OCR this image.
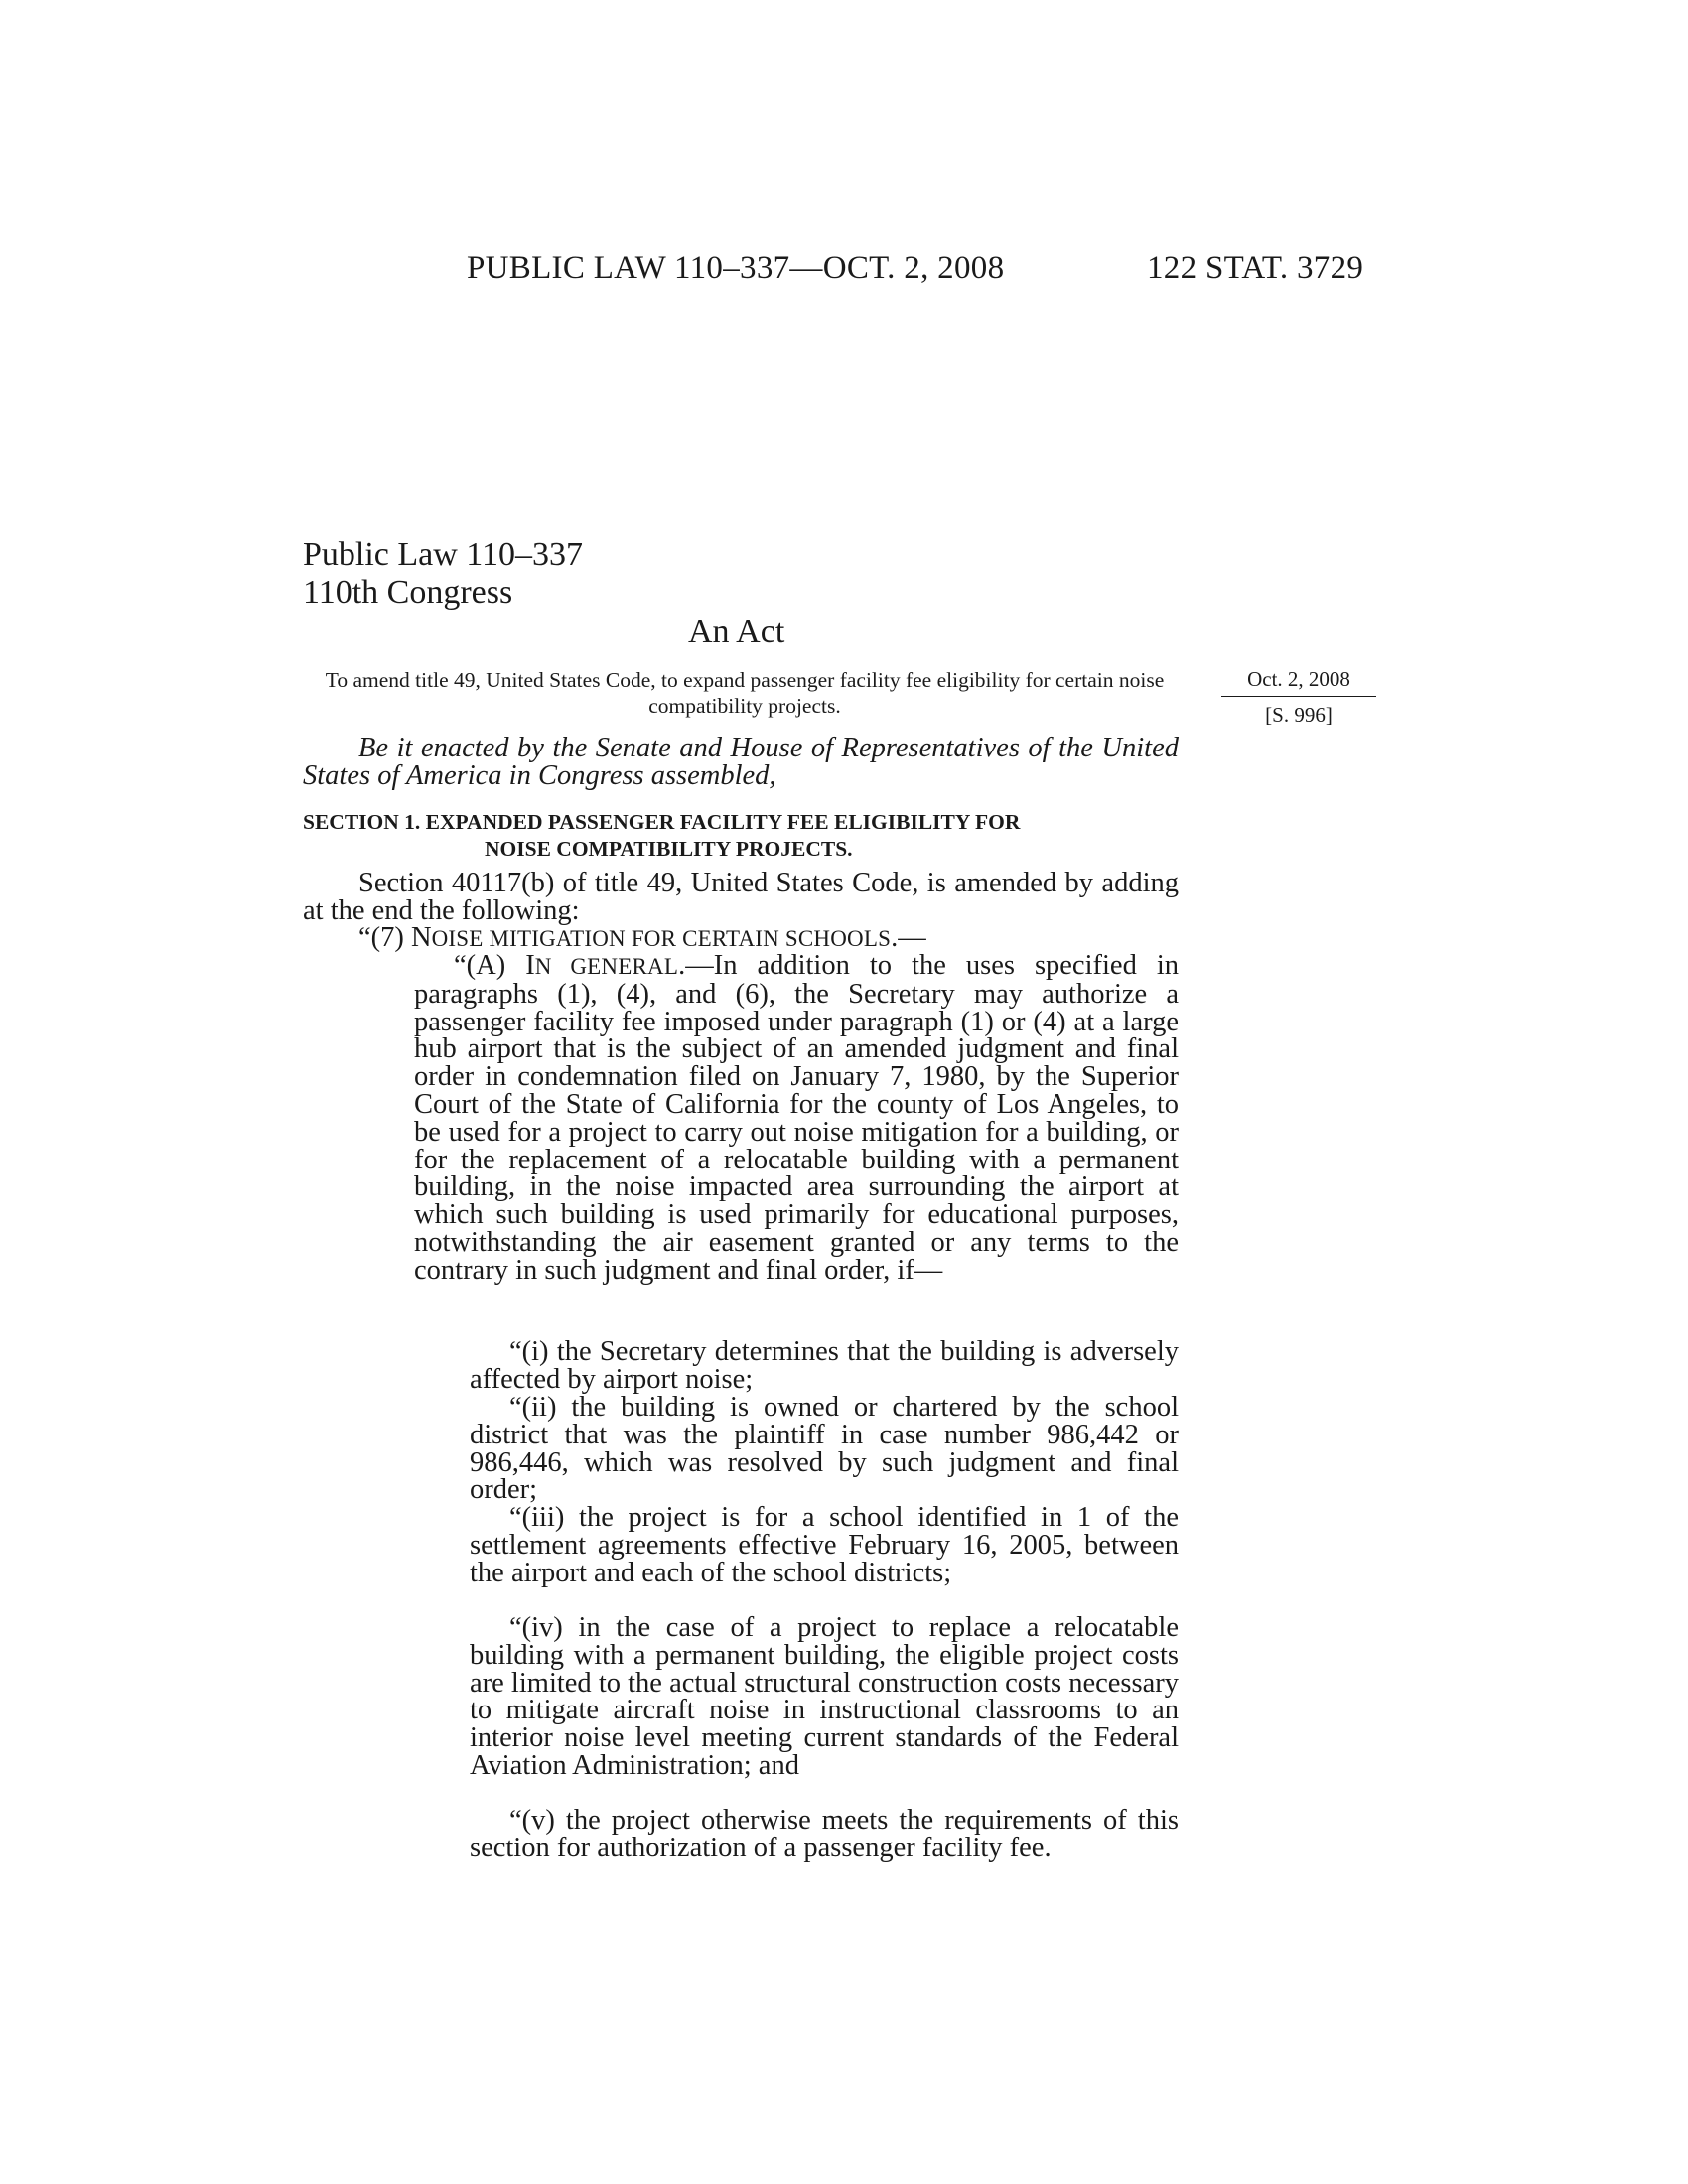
PUBLIC LAW 110–337—OCT. 2, 2008	122 STAT. 3729
Public Law 110–337
110th Congress
An Act
To amend title 49, United States Code, to expand passenger facility fee eligibility for certain noise compatibility projects.
Oct. 2, 2008
[S. 996]

Be it enacted by the Senate and House of Representatives of the United States of America in Congress assembled,

SECTION 1. EXPANDED PASSENGER FACILITY FEE ELIGIBILITY FOR
NOISE COMPATIBILITY PROJECTS.

Section 40117(b) of title 49, United States Code, is amended by adding at the end the following:

“(7) NOISE MITIGATION FOR CERTAIN SCHOOLS.—

“(A) IN GENERAL.—In addition to the uses specified in paragraphs (1), (4), and (6), the Secretary may authorize a passenger facility fee imposed under paragraph (1) or (4) at a large hub airport that is the subject of an amended judgment and final order in condemnation filed on January 7, 1980, by the Superior Court of the State of California for the county of Los Angeles, to be used for a project to carry out noise mitigation for a building, or for the replacement of a relocatable building with a permanent building, in the noise impacted area surrounding the airport at which such building is used primarily for educational purposes, notwithstanding the air easement granted or any terms to the contrary in such judgment and final order, if—

“(i) the Secretary determines that the building is adversely affected by airport noise;

“(ii) the building is owned or chartered by the school district that was the plaintiff in case number 986,442 or 986,446, which was resolved by such judgment and final order;

“(iii) the project is for a school identified in 1 of the settlement agreements effective February 16, 2005, between the airport and each of the school districts;

“(iv) in the case of a project to replace a relocatable building with a permanent building, the eligible project costs are limited to the actual structural construction costs necessary to mitigate aircraft noise in instructional classrooms to an interior noise level meeting current standards of the Federal Aviation Administration; and

“(v) the project otherwise meets the requirements of this section for authorization of a passenger facility fee.
